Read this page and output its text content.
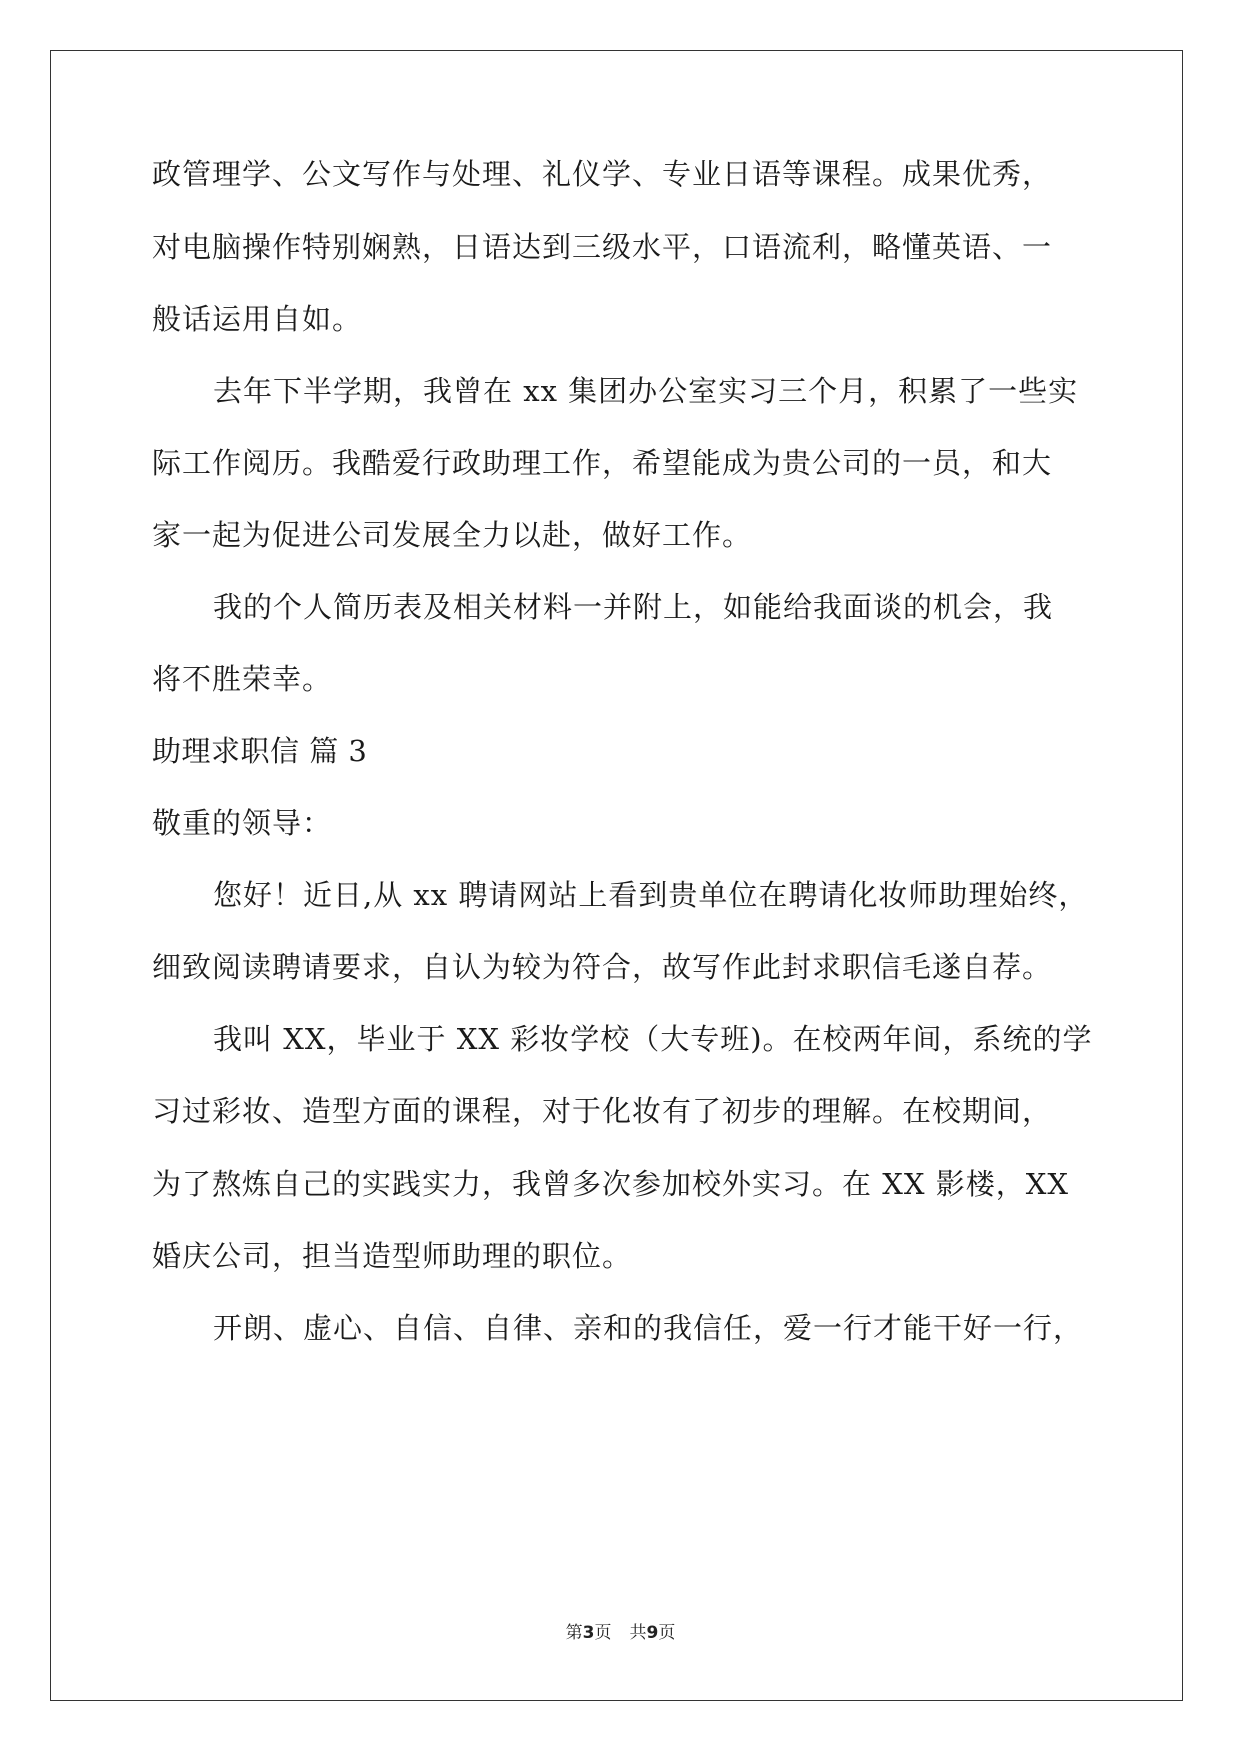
政管理学、公文写作与处理、礼仪学、专业日语等课程。成果优秀，
对电脑操作特别娴熟，日语达到三级水平，口语流利，略懂英语、一
般话运用自如。
去年下半学期，我曾在 xx 集团办公室实习三个月，积累了一些实
际工作阅历。我酷爱行政助理工作，希望能成为贵公司的一员，和大
家一起为促进公司发展全力以赴，做好工作。
我的个人简历表及相关材料一并附上，如能给我面谈的机会，我
将不胜荣幸。
助理求职信 篇 3
敬重的领导：
您好！近日,从 xx 聘请网站上看到贵单位在聘请化妆师助理始终，
细致阅读聘请要求，自认为较为符合，故写作此封求职信毛遂自荐。
我叫 XX，毕业于 XX 彩妆学校（大专班)。在校两年间，系统的学
习过彩妆、造型方面的课程，对于化妆有了初步的理解。在校期间，
为了熬炼自己的实践实力，我曾多次参加校外实习。在 XX 影楼，XX
婚庆公司，担当造型师助理的职位。
开朗、虚心、自信、自律、亲和的我信任，爱一行才能干好一行，
第3页 共9页
